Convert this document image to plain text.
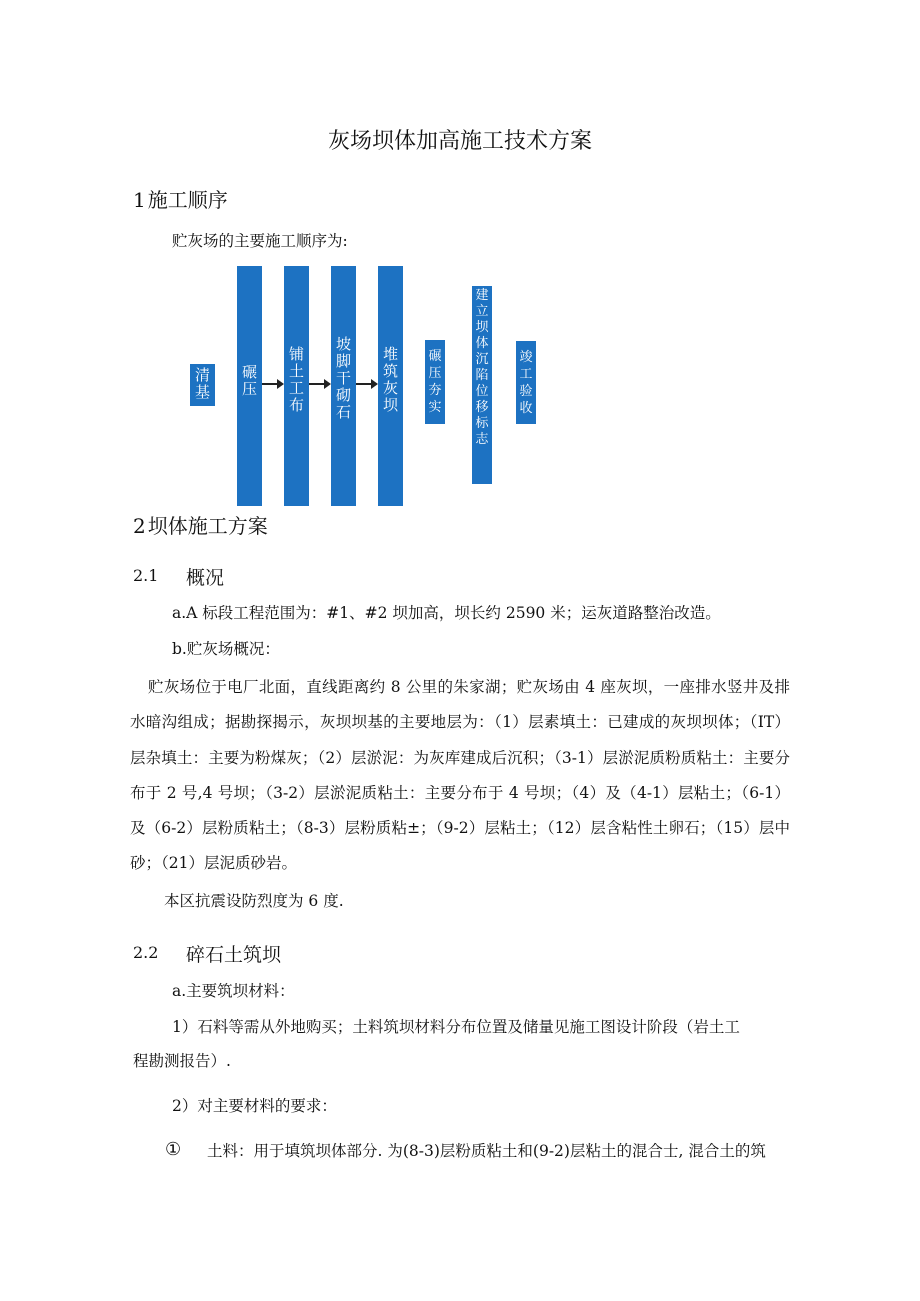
灰场坝体加高施工技术方案
1 施工顺序
贮灰场的主要施工顺序为:
清
基
碾
压
铺
土
工
布
坡
脚
干
砌
石
堆
筑
灰
坝
碾
压
夯
实
建
立
坝
体
沉
陷
位
移
标
志
竣
工
验
收
2 坝体施工方案
2.1 概况
a.A 标段工程范围为：#1、#2 坝加高，坝长约 2590 米；运灰道路整治改造。
b.贮灰场概况：
贮灰场位于电厂北面，直线距离约 8 公里的朱家湖；贮灰场由 4 座灰坝，一座排水竖井及排水暗沟组成；据勘探揭示，灰坝坝基的主要地层为：（1）层素填土：已建成的灰坝坝体；（IT）层杂填土：主要为粉煤灰；（2）层淤泥：为灰库建成后沉积；（3-1）层淤泥质粉质粘土：主要分布于 2 号,4 号坝；（3-2）层淤泥质粘土：主要分布于 4 号坝；（4）及（4-1）层粘土；（6-1）及（6-2）层粉质粘土；（8-3）层粉质粘±；（9-2）层粘土；（12）层含粘性土卵石；（15）层中砂；（21）层泥质砂岩。
本区抗震设防烈度为 6 度.
2.2 碎石土筑坝
a.主要筑坝材料：
1）石料等需从外地购买；土料筑坝材料分布位置及储量见施工图设计阶段（岩土工
程勘测报告）.
2）对主要材料的要求：
① 土料：用于填筑坝体部分. 为(8-3)层粉质粘土和(9-2)层粘土的混合士, 混合土的筑
